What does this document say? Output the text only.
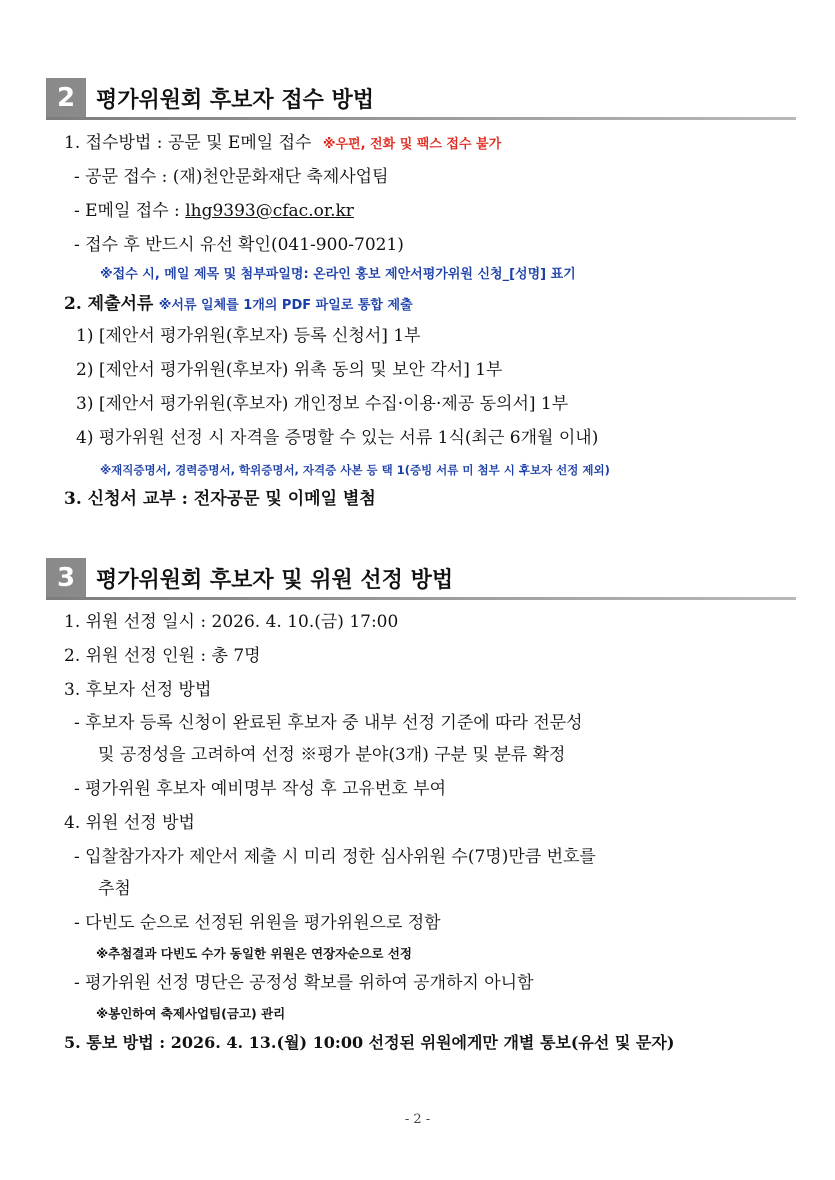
2 평가위원회 후보자 접수 방법
1. 접수방법 : 공문 및 E메일 접수 ※우편, 전화 및 팩스 접수 불가
- 공문 접수 : (재)천안문화재단 축제사업팀
- E메일 접수 : lhg9393@cfac.or.kr
- 접수 후 반드시 유선 확인(041-900-7021)
※접수 시, 메일 제목 및 첨부파일명: 온라인 홍보 제안서평가위원 신청_[성명] 표기
2. 제출서류 ※서류 일체를 1개의 PDF 파일로 통합 제출
1) [제안서 평가위원(후보자) 등록 신청서] 1부
2) [제안서 평가위원(후보자) 위촉 동의 및 보안 각서] 1부
3) [제안서 평가위원(후보자) 개인정보 수집·이용·제공 동의서] 1부
4) 평가위원 선정 시 자격을 증명할 수 있는 서류 1식(최근 6개월 이내)
※재직증명서, 경력증명서, 학위증명서, 자격증 사본 등 택 1(증빙 서류 미 첨부 시 후보자 선정 제외)
3. 신청서 교부 : 전자공문 및 이메일 별첨
3 평가위원회 후보자 및 위원 선정 방법
1. 위원 선정 일시 : 2026. 4. 10.(금) 17:00
2. 위원 선정 인원 : 총 7명
3. 후보자 선정 방법
- 후보자 등록 신청이 완료된 후보자 중 내부 선정 기준에 따라 전문성
및 공정성을 고려하여 선정 ※평가 분야(3개) 구분 및 분류 확정
- 평가위원 후보자 예비명부 작성 후 고유번호 부여
4. 위원 선정 방법
- 입찰참가자가 제안서 제출 시 미리 정한 심사위원 수(7명)만큼 번호를
추첨
- 다빈도 순으로 선정된 위원을 평가위원으로 정함
※추첨결과 다빈도 수가 동일한 위원은 연장자순으로 선정
- 평가위원 선정 명단은 공정성 확보를 위하여 공개하지 아니함
※봉인하여 축제사업팀(금고) 관리
5. 통보 방법 : 2026. 4. 13.(월) 10:00 선정된 위원에게만 개별 통보(유선 및 문자)
- 2 -
